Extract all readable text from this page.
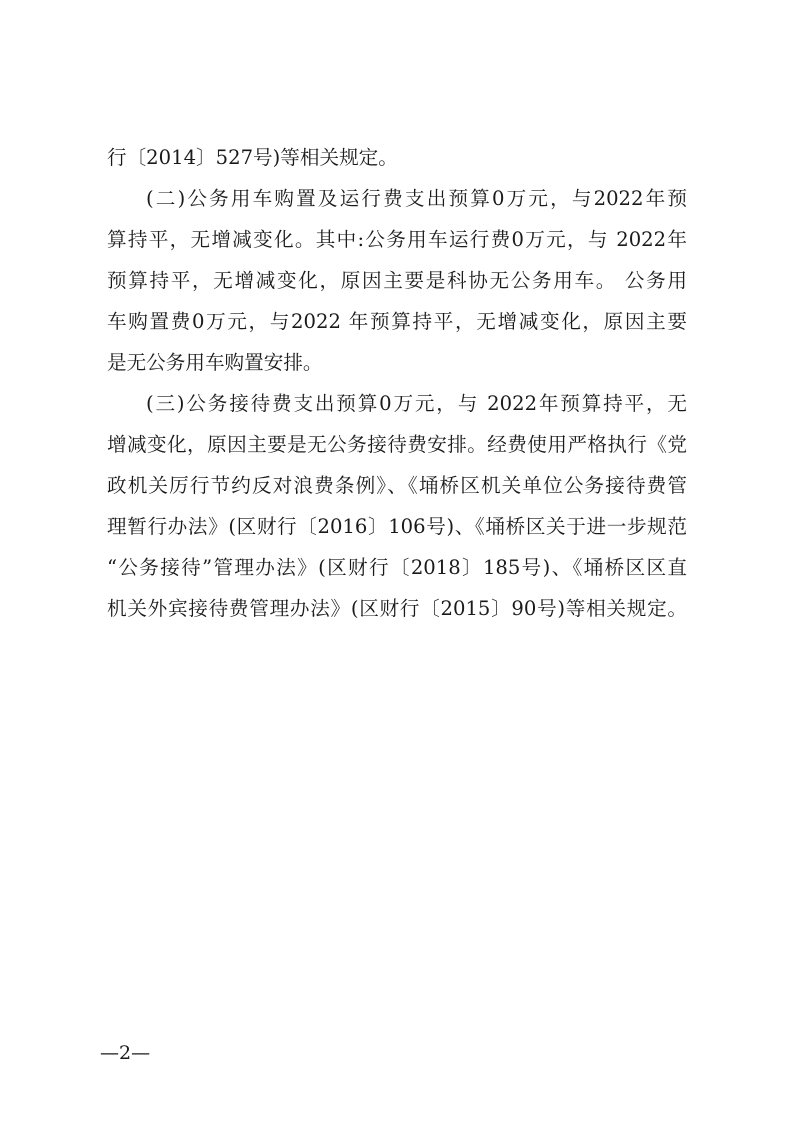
行〔2014〕527号)等相关规定。
(二)公务用车购置及运行费支出预算0万元，与2022年预
算持平，无增减变化。其中:公务用车运行费0万元，与 2022年
预算持平，无增减变化，原因主要是科协无公务用车。 公务用
车购置费0万元，与2022 年预算持平，无增减变化，原因主要
是无公务用车购置安排。
(三)公务接待费支出预算0万元，与 2022年预算持平，无
增减变化，原因主要是无公务接待费安排。经费使用严格执行《党
政机关厉行节约反对浪费条例》、《埇桥区机关单位公务接待费管
理暂行办法》(区财行〔2016〕106号)、《埇桥区关于进一步规范
“公务接待”管理办法》(区财行〔2018〕185号)、《埇桥区区直
机关外宾接待费管理办法》(区财行〔2015〕90号)等相关规定。
—2—
